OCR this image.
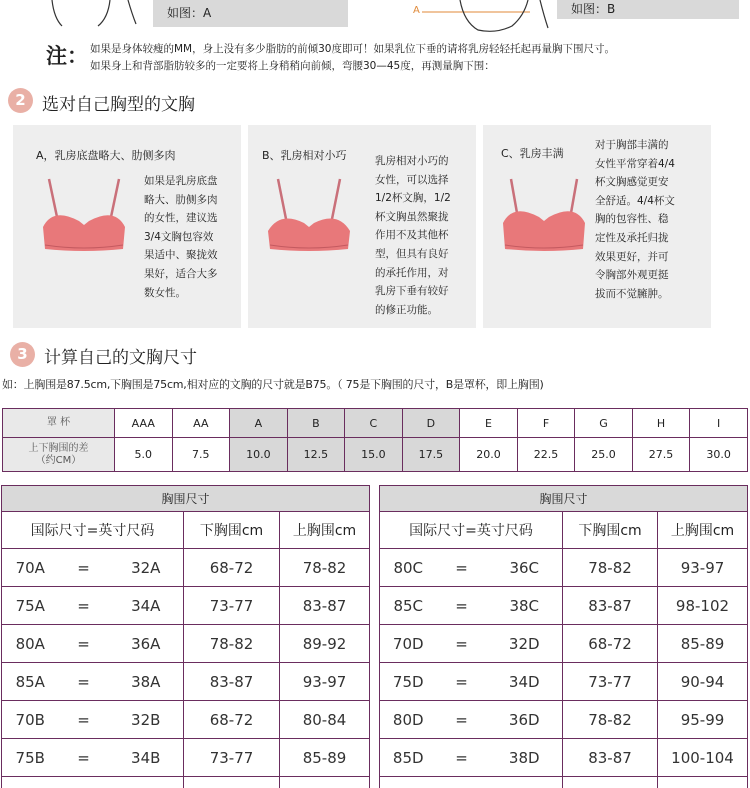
如图：A	A	如图：B
注： 如果是身体较瘦的MM，身上没有多少脂肪的前倾30度即可！如果乳位下垂的请将乳房轻轻托起再量胸下围尺寸。
如果身上和背部脂肪较多的一定要将上身稍稍向前倾，弯腰30—45度，再测量胸下围：
2 选对自己胸型的文胸
A，乳房底盘略大、肋侧多肉
如果是乳房底盘
略大、肋侧多肉
的女性，建议选
3/4文胸包容效
果适中、聚拢效
果好，适合大多
数女性。
B、乳房相对小巧	乳房相对小巧的
女性，可以选择
1/2杯文胸，1/2
杯文胸虽然聚拢
作用不及其他杯
型，但具有良好
的承托作用，对
乳房下垂有较好
的修正功能。
C、乳房丰满
对于胸部丰满的
女性平常穿着4/4
杯文胸感觉更安
全舒适。4/4杯文
胸的包容性、稳
定性及承托归拢
效果更好，并可
令胸部外观更挺
拔而不觉臃肿。
3 计算自己的文胸尺寸
如：上胸围是87.5cm,下胸围是75cm,相对应的文胸的尺寸就是B75。（ 75是下胸围的尺寸，B是罩杯，即上胸围)
罩 杯	AAA	AA	A	B	C	D	E	F	G	H	I

上下胸围的差
（约CM）	5.0	7.5	10.0	12.5	15.0	17.5	20.0	22.5	25.0	27.5	30.0
胸围尺寸				
国际尺寸=英寸尺码			下胸围cm	上胸围cm
70A	=	32A	68-72	78-82
75A	=	34A	73-77	83-87
80A	=	36A	78-82	89-92
85A	=	38A	83-87	93-97
70B	=	32B	68-72	80-84
75B	=	34B	73-77	85-89

胸围尺寸				
国际尺寸=英寸尺码			下胸围cm	上胸围cm
80C	=	36C	78-82	93-97
85C	=	38C	83-87	98-102
70D	=	32D	68-72	85-89
75D	=	34D	73-77	90-94
80D	=	36D	78-82	95-99
85D	=	38D	83-87	100-104
